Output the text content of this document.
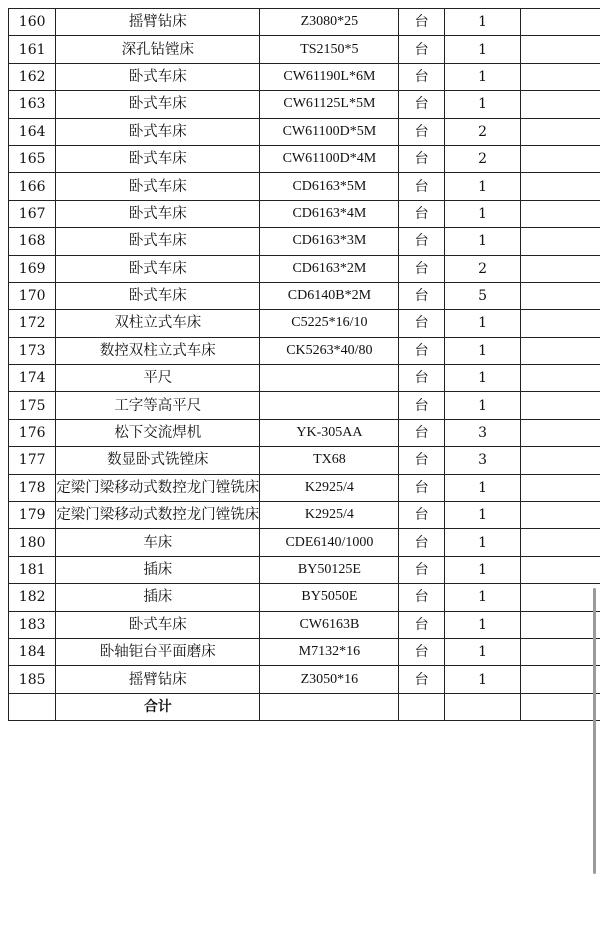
160	摇臂钻床	Z3080*25	台	1	
161	深孔钻镗床	TS2150*5	台	1	
162	卧式车床	CW61190L*6M	台	1	
163	卧式车床	CW61125L*5M	台	1	
164	卧式车床	CW61100D*5M	台	2	
165	卧式车床	CW61100D*4M	台	2	
166	卧式车床	CD6163*5M	台	1	
167	卧式车床	CD6163*4M	台	1	
168	卧式车床	CD6163*3M	台	1	
169	卧式车床	CD6163*2M	台	2	
170	卧式车床	CD6140B*2M	台	5	
172	双柱立式车床	C5225*16/10	台	1	
173	数控双柱立式车床	CK5263*40/80	台	1	
174	平尺		台	1	
175	工字等高平尺		台	1	
176	松下交流焊机	YK-305AA	台	3	
177	数显卧式铣镗床	TX68	台	3	
178	定梁门梁移动式数控龙门镗铣床	K2925/4	台	1	
179	定梁门梁移动式数控龙门镗铣床	K2925/4	台	1	
180	车床	CDE6140/1000	台	1	
181	插床	BY50125E	台	1	
182	插床	BY5050E	台	1	
183	卧式车床	CW6163B	台	1	
184	卧轴钜台平面磨床	M7132*16	台	1	
185	摇臂钻床	Z3050*16	台	1	
	合计				
